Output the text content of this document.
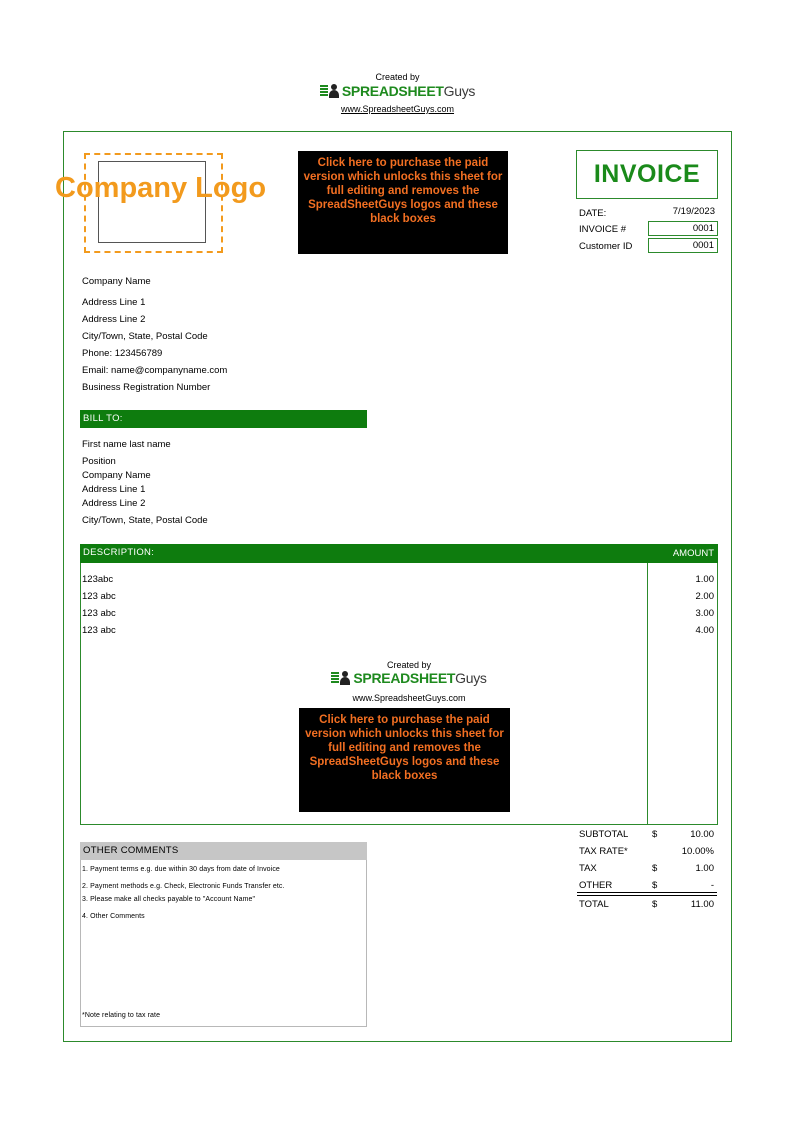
Created by
SPREADSHEETGuys
www.SpreadsheetGuys.com
Company Logo
Click here to purchase the paid version which unlocks this sheet for full editing and removes the SpreadSheetGuys logos and these black boxes
INVOICE
DATE:	7/19/2023
INVOICE #	0001
Customer ID	0001
Company Name
Address Line 1
Address Line 2
City/Town, State, Postal Code
Phone: 123456789
Email: name@companyname.com
Business Registration Number
BILL TO:
First name last name
Position
Company Name
Address Line 1
Address Line 2
City/Town, State, Postal Code
DESCRIPTION:	AMOUNT
123abc	1.00
123 abc	2.00
123 abc	3.00
123 abc	4.00
Created by
SPREADSHEETGuys
www.SpreadsheetGuys.com
Click here to purchase the paid version which unlocks this sheet for full editing and removes the SpreadSheetGuys logos and these black boxes
SUBTOTAL $	10.00
TAX RATE*	10.00%
TAX	$	1.00
OTHER	$	-
TOTAL	$	11.00
OTHER COMMENTS
1. Payment terms e.g. due within 30 days from date of Invoice
2. Payment methods e.g. Check, Electronic Funds Transfer etc.
3. Please make all checks payable to "Account Name"
4. Other Comments
*Note relating to tax rate
